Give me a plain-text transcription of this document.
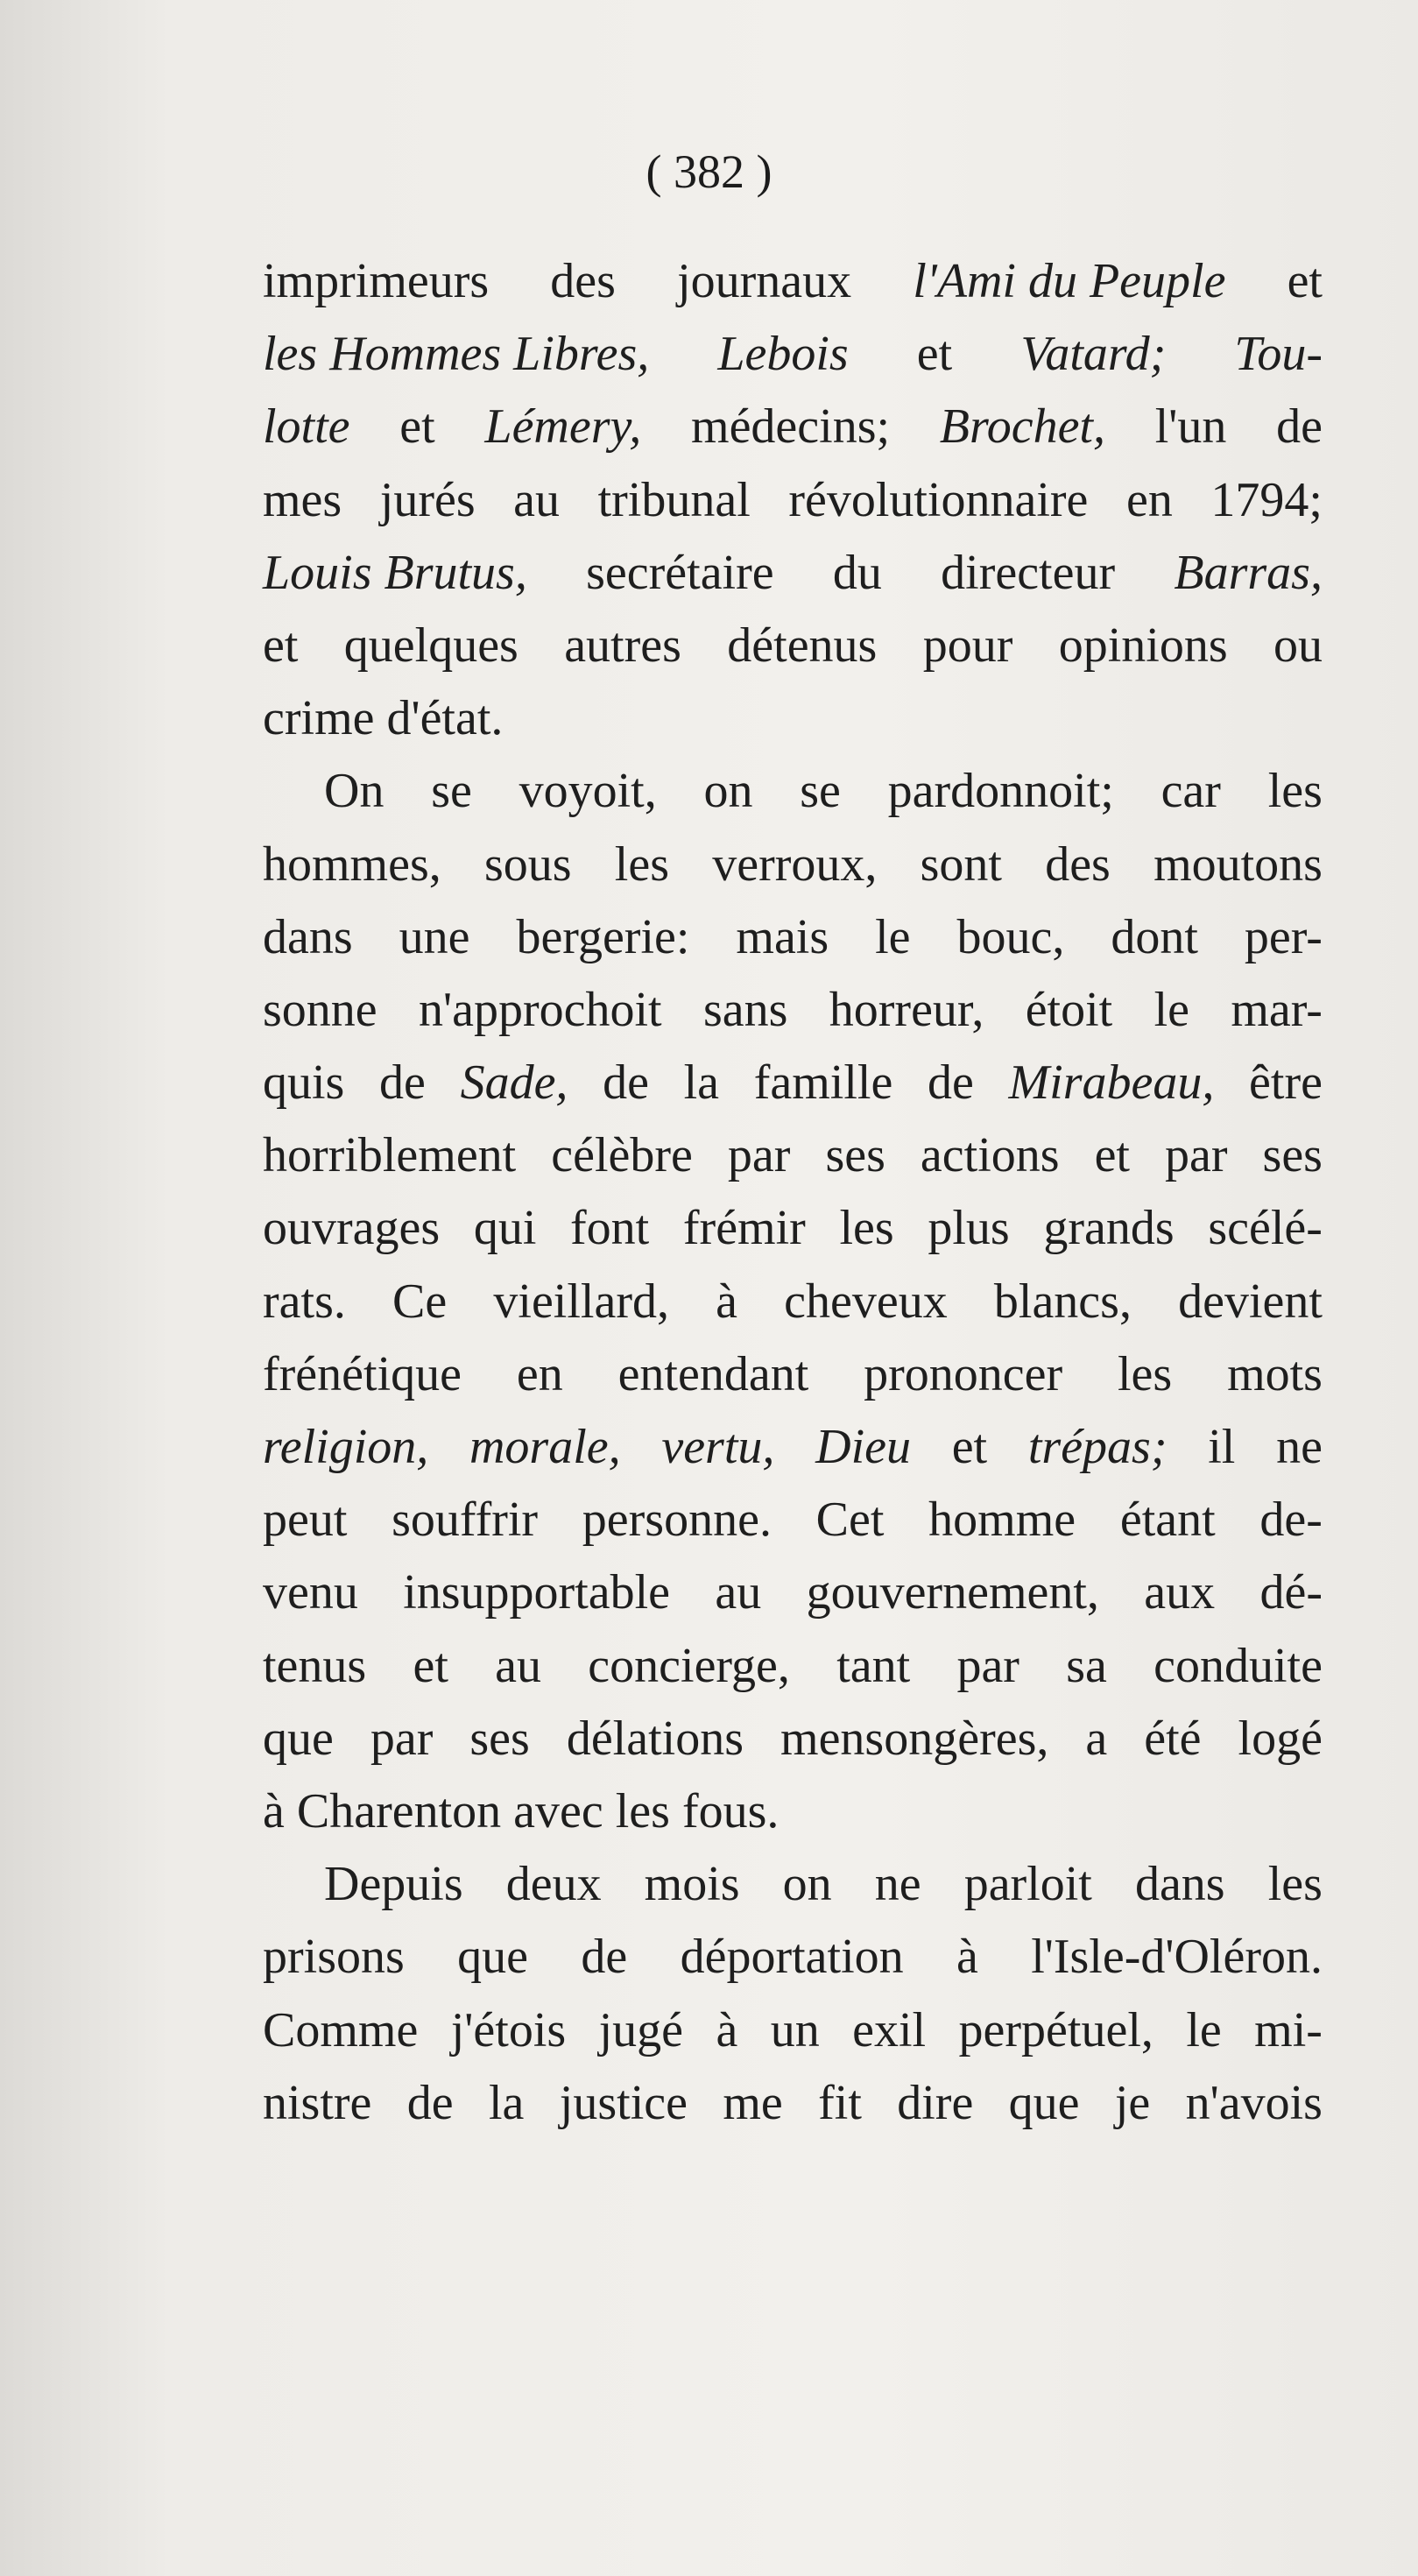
( 382 )
imprimeurs des journaux l'Ami du Peuple et
les Hommes Libres, Lebois et Vatard; Tou-
lotte et Lémery, médecins; Brochet, l'un de
mes jurés au tribunal révolutionnaire en 1794;
Louis Brutus, secrétaire du directeur Barras,
et quelques autres détenus pour opinions ou
crime d'état.
On se voyoit, on se pardonnoit; car les
hommes, sous les verroux, sont des moutons
dans une bergerie: mais le bouc, dont per-
sonne n'approchoit sans horreur, étoit le mar-
quis de Sade, de la famille de Mirabeau, être
horriblement célèbre par ses actions et par ses
ouvrages qui font frémir les plus grands scélé-
rats. Ce vieillard, à cheveux blancs, devient
frénétique en entendant prononcer les mots
religion, morale, vertu, Dieu et trépas; il ne
peut souffrir personne. Cet homme étant de-
venu insupportable au gouvernement, aux dé-
tenus et au concierge, tant par sa conduite
que par ses délations mensongères, a été logé
à Charenton avec les fous.
Depuis deux mois on ne parloit dans les
prisons que de déportation à l'Isle-d'Oléron.
Comme j'étois jugé à un exil perpétuel, le mi-
nistre de la justice me fit dire que je n'avois
